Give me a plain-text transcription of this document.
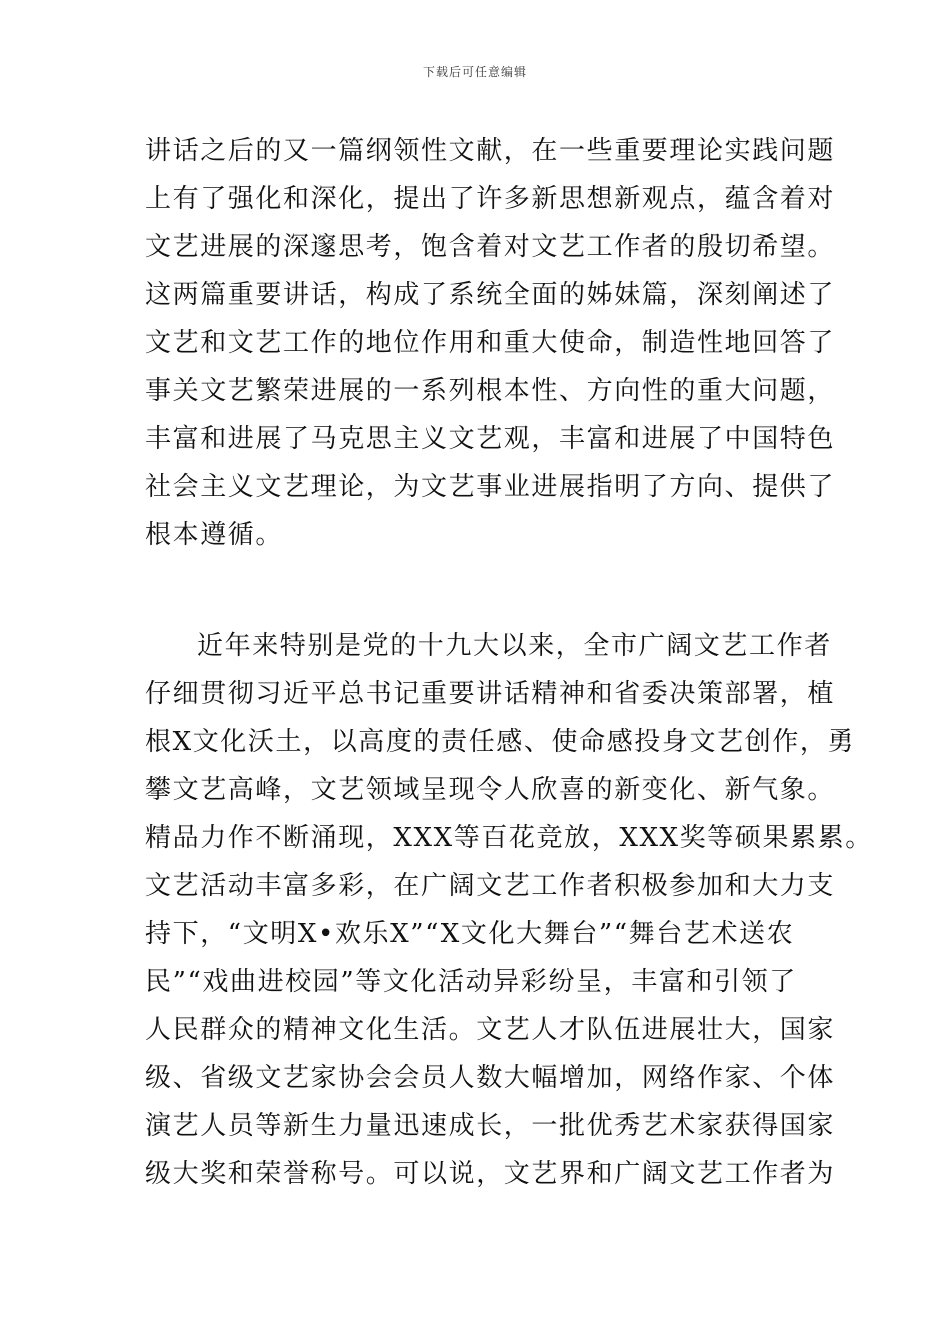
下载后可任意编辑
讲话之后的又一篇纲领性文献，在一些重要理论实践问题
上有了强化和深化，提出了许多新思想新观点，蕴含着对
文艺进展的深邃思考，饱含着对文艺工作者的殷切希望。
这两篇重要讲话，构成了系统全面的姊妹篇，深刻阐述了
文艺和文艺工作的地位作用和重大使命，制造性地回答了
事关文艺繁荣进展的一系列根本性、方向性的重大问题，
丰富和进展了马克思主义文艺观，丰富和进展了中国特色
社会主义文艺理论，为文艺事业进展指明了方向、提供了
根本遵循。
近年来特别是党的十九大以来，全市广阔文艺工作者
仔细贯彻习近平总书记重要讲话精神和省委决策部署，植
根X文化沃土，以高度的责任感、使命感投身文艺创作，勇
攀文艺高峰，文艺领域呈现令人欣喜的新变化、新气象。
精品力作不断涌现，XXX等百花竞放，XXX奖等硕果累累。
文艺活动丰富多彩，在广阔文艺工作者积极参加和大力支
持下，“文明X•欢乐X”“X文化大舞台”“舞台艺术送农
民”“戏曲进校园”等文化活动异彩纷呈，丰富和引领了
人民群众的精神文化生活。文艺人才队伍进展壮大，国家
级、省级文艺家协会会员人数大幅增加，网络作家、个体
演艺人员等新生力量迅速成长，一批优秀艺术家获得国家
级大奖和荣誉称号。可以说，文艺界和广阔文艺工作者为
